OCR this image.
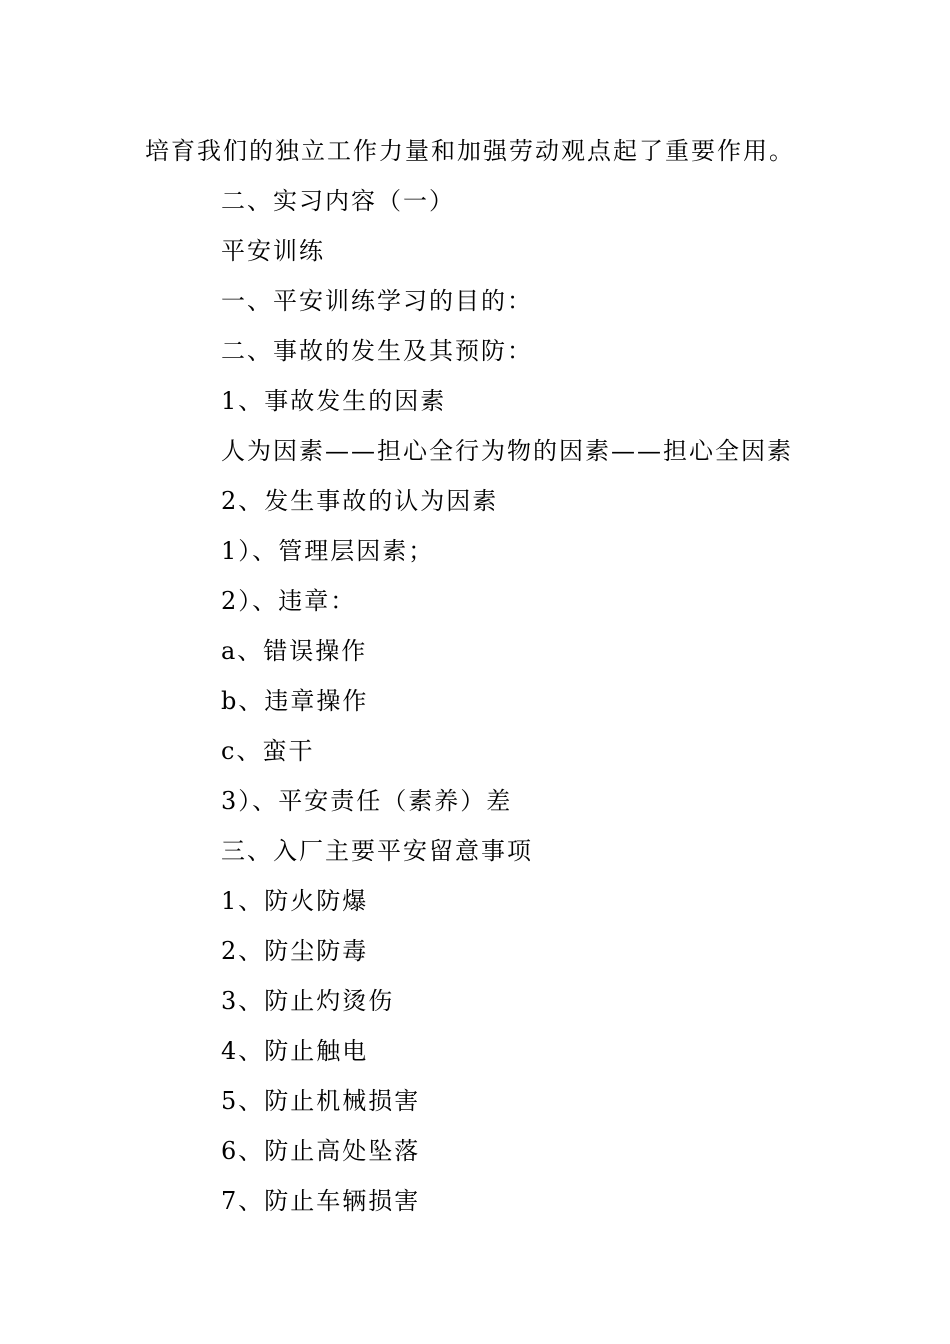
培育我们的独立工作力量和加强劳动观点起了重要作用。
二、实习内容（一）
平安训练
一、平安训练学习的目的：
二、事故的发生及其预防：
1、事故发生的因素
人为因素——担心全行为物的因素——担心全因素
2、发生事故的认为因素
1）、管理层因素；
2）、违章：
a、错误操作
b、违章操作
c、蛮干
3）、平安责任（素养）差
三、入厂主要平安留意事项
1、防火防爆
2、防尘防毒
3、防止灼烫伤
4、防止触电
5、防止机械损害
6、防止高处坠落
7、防止车辆损害
